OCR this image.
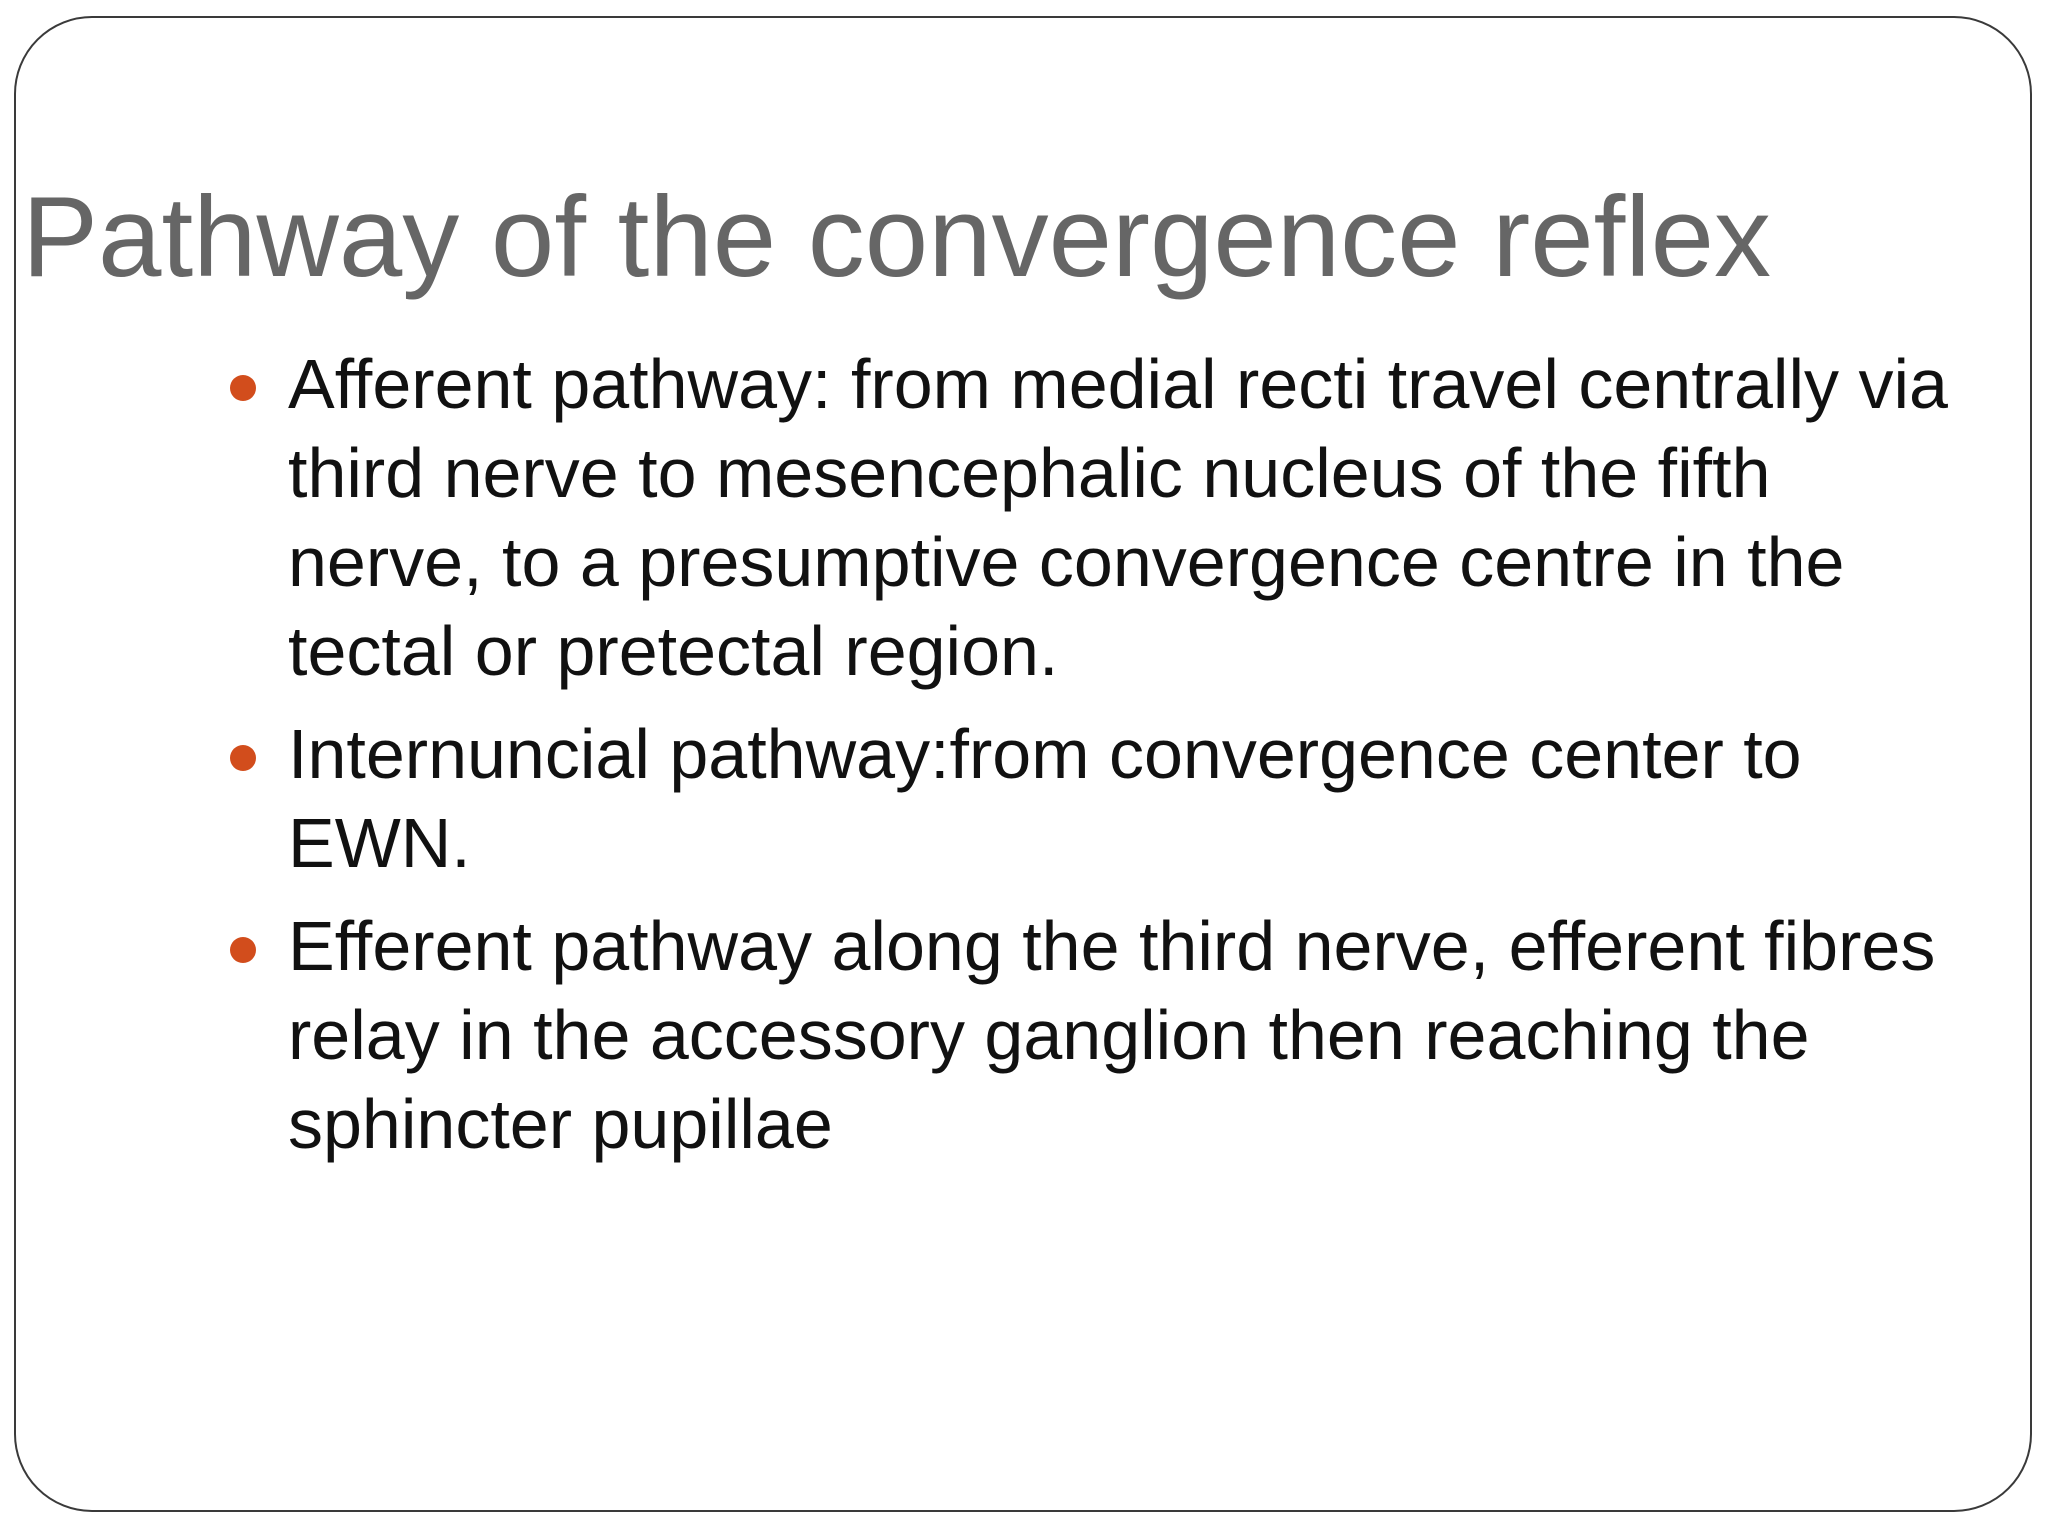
Pathway of the convergence reflex
Afferent pathway: from medial recti travel centrally via third nerve to mesencephalic nucleus of the fifth nerve, to a presumptive convergence centre in the tectal or pretectal region.
Internuncial pathway:from convergence center to EWN.
Efferent pathway along the third nerve, efferent fibres relay in the accessory ganglion then reaching the sphincter pupillae
